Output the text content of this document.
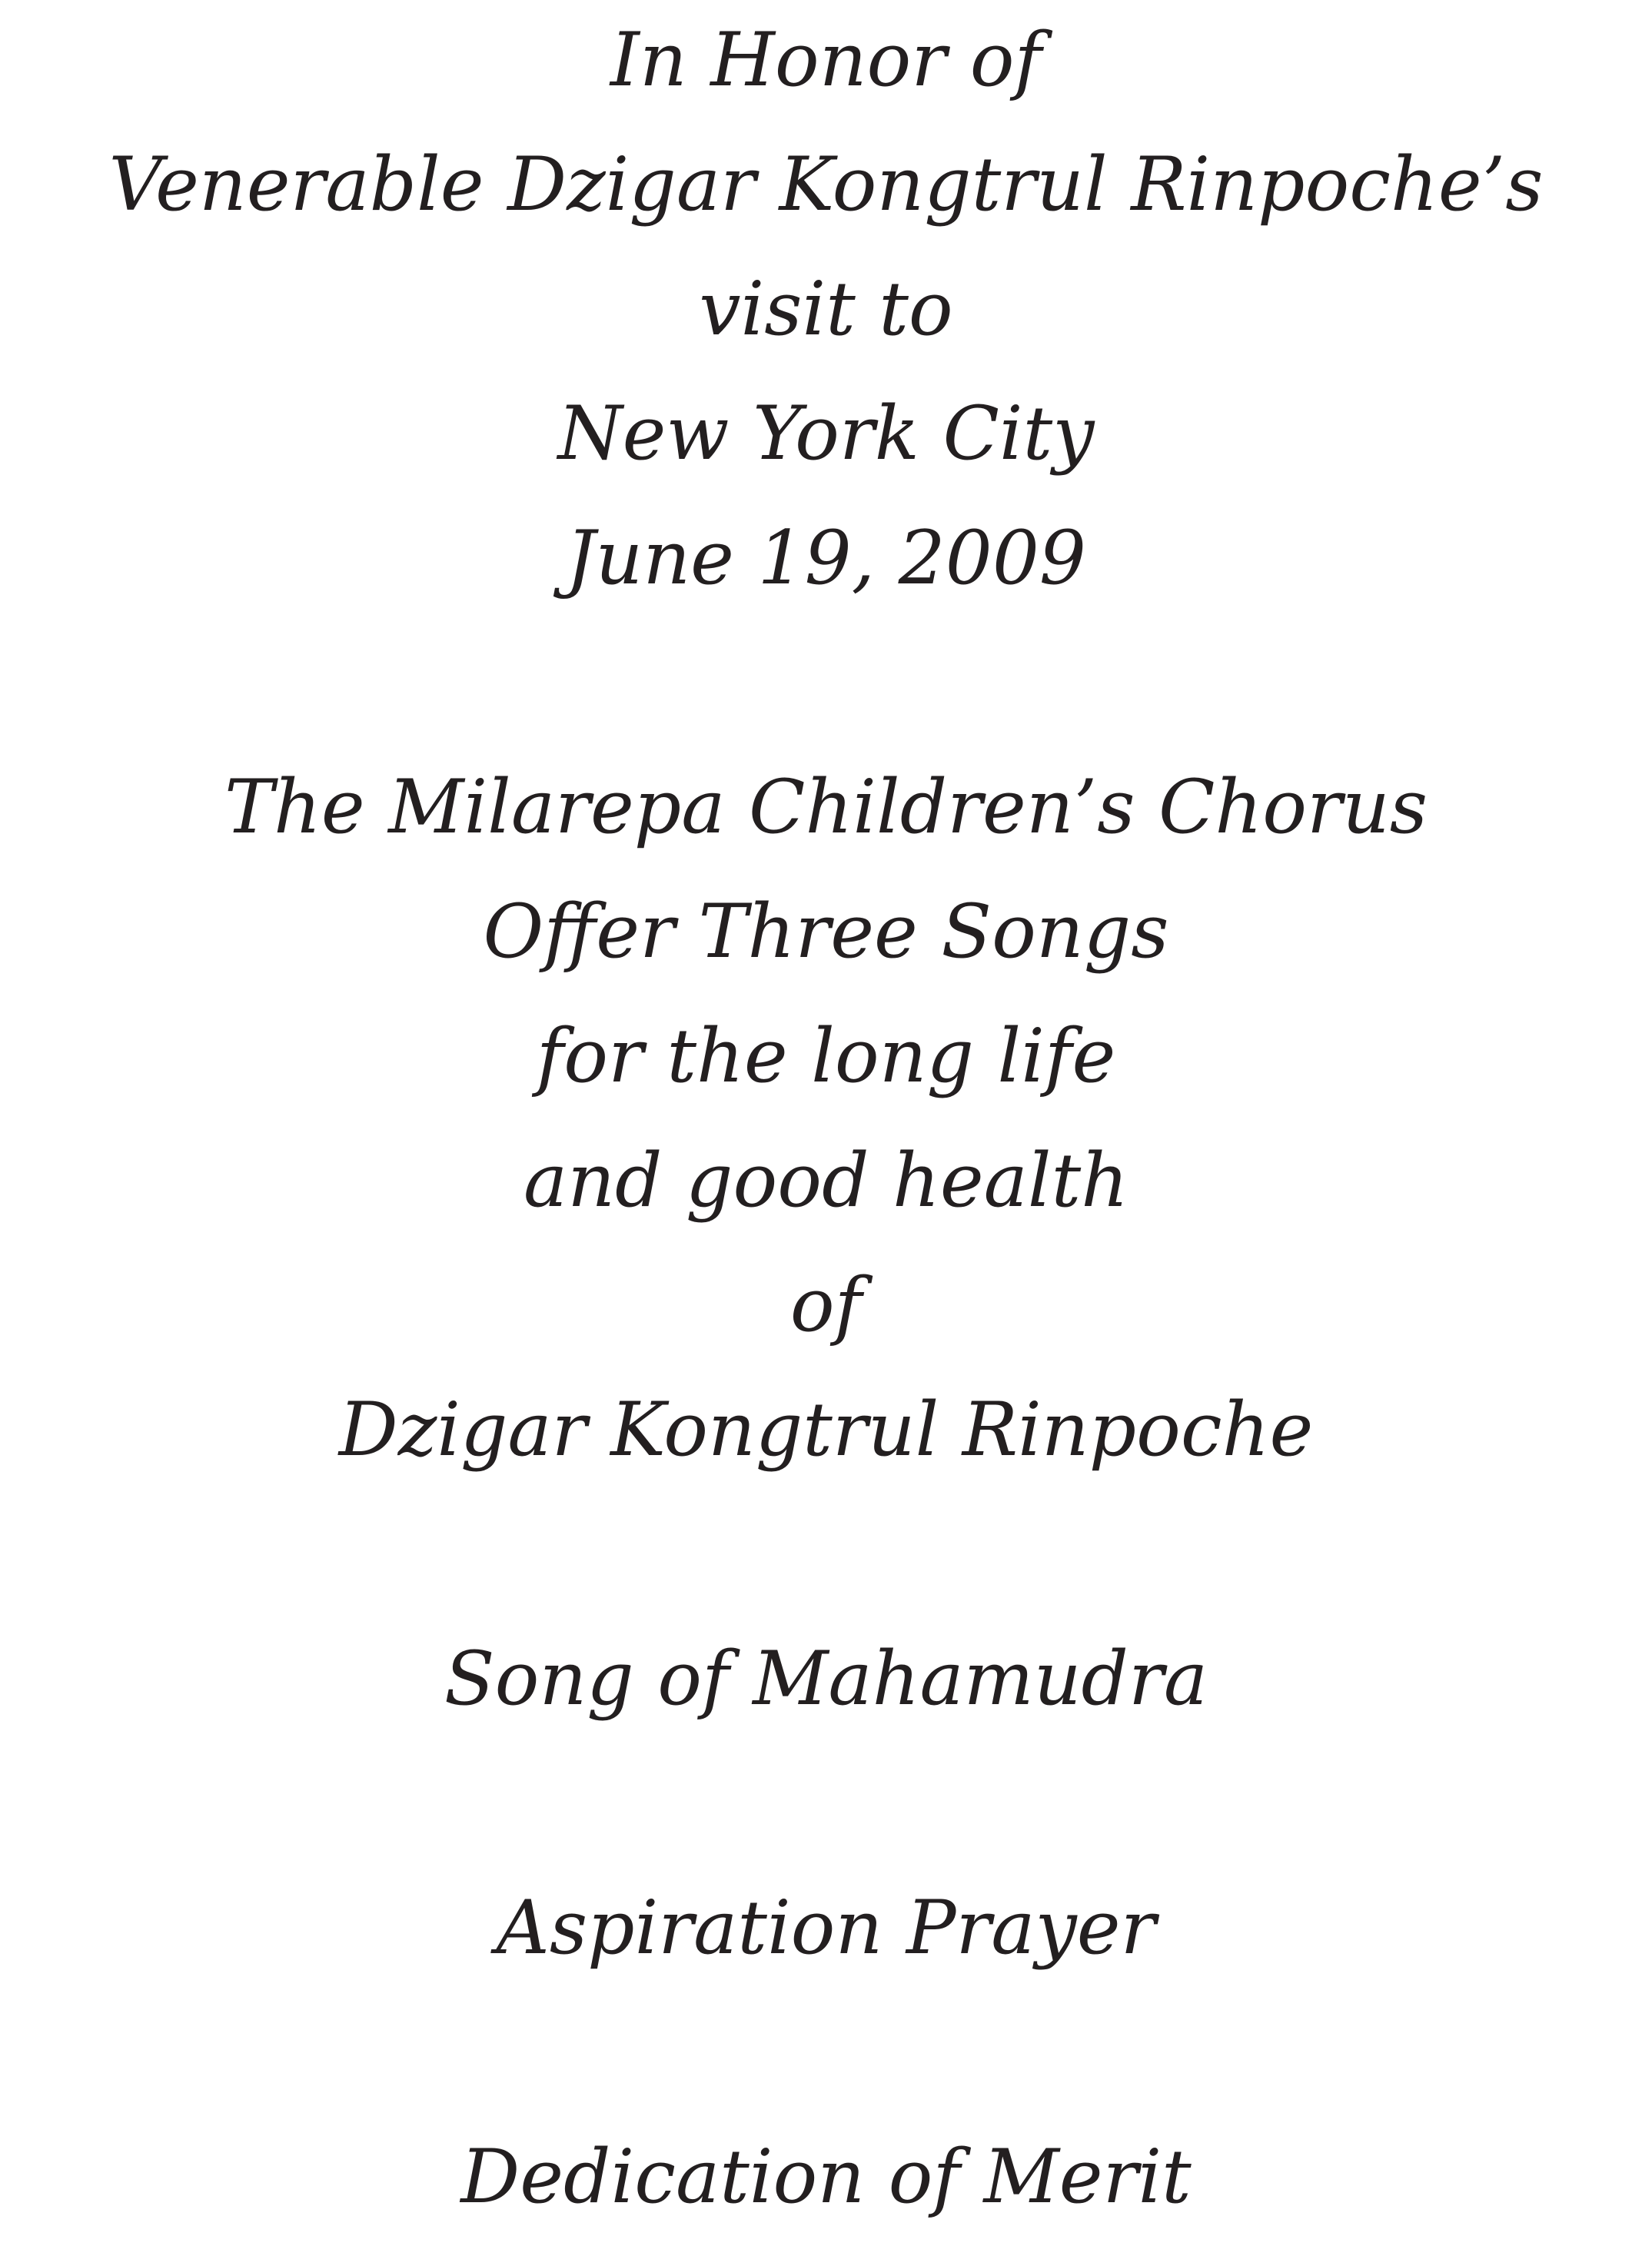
In Honor of
Venerable Dzigar Kongtrul Rinpoche’s
visit to
New York City
June 19, 2009
The Milarepa Children’s Chorus
Offer Three Songs
for the long life
and good health
of
Dzigar Kongtrul Rinpoche
Song of Mahamudra
Aspiration Prayer
Dedication of Merit
